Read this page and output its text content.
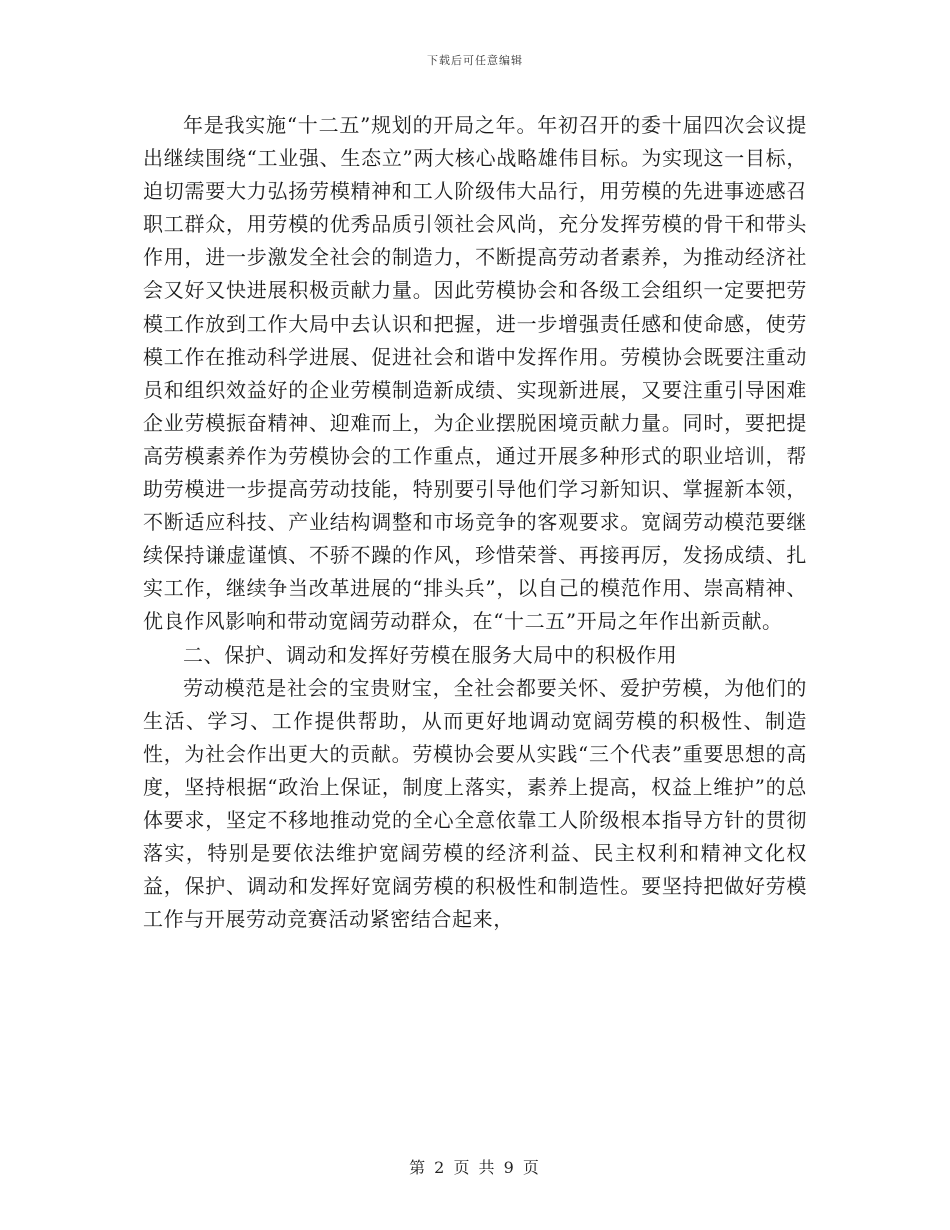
下载后可任意编辑

年是我实施“十二五”规划的开局之年。年初召开的委十届四次会议提出继续围绕“工业强、生态立”两大核心战略雄伟目标。为实现这一目标，迫切需要大力弘扬劳模精神和工人阶级伟大品行，用劳模的先进事迹感召职工群众，用劳模的优秀品质引领社会风尚，充分发挥劳模的骨干和带头作用，进一步激发全社会的制造力，不断提高劳动者素养，为推动经济社会又好又快进展积极贡献力量。因此劳模协会和各级工会组织一定要把劳模工作放到工作大局中去认识和把握，进一步增强责任感和使命感，使劳模工作在推动科学进展、促进社会和谐中发挥作用。劳模协会既要注重动员和组织效益好的企业劳模制造新成绩、实现新进展，又要注重引导困难企业劳模振奋精神、迎难而上，为企业摆脱困境贡献力量。同时，要把提高劳模素养作为劳模协会的工作重点，通过开展多种形式的职业培训，帮助劳模进一步提高劳动技能，特别要引导他们学习新知识、掌握新本领，不断适应科技、产业结构调整和市场竞争的客观要求。宽阔劳动模范要继续保持谦虚谨慎、不骄不躁的作风，珍惜荣誉、再接再厉，发扬成绩、扎实工作，继续争当改革进展的“排头兵”，以自己的模范作用、崇高精神、优良作风影响和带动宽阔劳动群众，在“十二五”开局之年作出新贡献。

二、保护、调动和发挥好劳模在服务大局中的积极作用

劳动模范是社会的宝贵财宝，全社会都要关怀、爱护劳模，为他们的生活、学习、工作提供帮助，从而更好地调动宽阔劳模的积极性、制造性，为社会作出更大的贡献。劳模协会要从实践“三个代表”重要思想的高度，坚持根据“政治上保证，制度上落实，素养上提高，权益上维护”的总体要求，坚定不移地推动党的全心全意依靠工人阶级根本指导方针的贯彻落实，特别是要依法维护宽阔劳模的经济利益、民主权利和精神文化权益，保护、调动和发挥好宽阔劳模的积极性和制造性。要坚持把做好劳模工作与开展劳动竞赛活动紧密结合起来，

第 2 页 共 9 页
